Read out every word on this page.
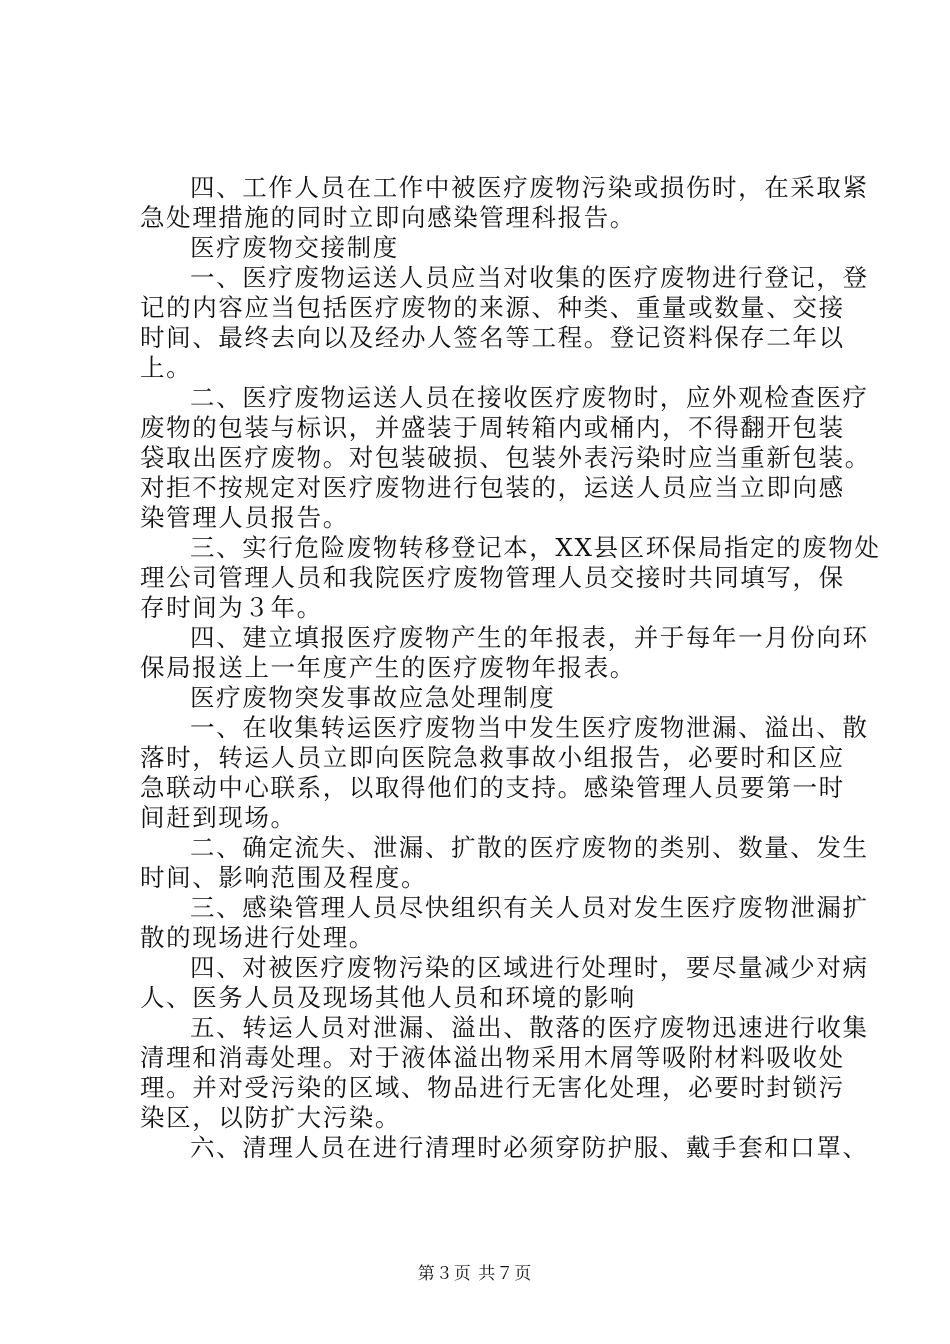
四、工作人员在工作中被医疗废物污染或损伤时，在采取紧
急处理措施的同时立即向感染管理科报告。
医疗废物交接制度
一、医疗废物运送人员应当对收集的医疗废物进行登记，登
记的内容应当包括医疗废物的来源、种类、重量或数量、交接
时间、最终去向以及经办人签名等工程。登记资料保存二年以
上。
二、医疗废物运送人员在接收医疗废物时，应外观检查医疗
废物的包装与标识，并盛装于周转箱内或桶内，不得翻开包装
袋取出医疗废物。对包装破损、包装外表污染时应当重新包装。
对拒不按规定对医疗废物进行包装的，运送人员应当立即向感
染管理人员报告。
三、实行危险废物转移登记本，XX县区环保局指定的废物处
理公司管理人员和我院医疗废物管理人员交接时共同填写，保
存时间为３年。
四、建立填报医疗废物产生的年报表，并于每年一月份向环
保局报送上一年度产生的医疗废物年报表。
医疗废物突发事故应急处理制度
一、在收集转运医疗废物当中发生医疗废物泄漏、溢出、散
落时，转运人员立即向医院急救事故小组报告，必要时和区应
急联动中心联系，以取得他们的支持。感染管理人员要第一时
间赶到现场。
二、确定流失、泄漏、扩散的医疗废物的类别、数量、发生
时间、影响范围及程度。
三、感染管理人员尽快组织有关人员对发生医疗废物泄漏扩
散的现场进行处理。
四、对被医疗废物污染的区域进行处理时，要尽量减少对病
人、医务人员及现场其他人员和环境的影响
五、转运人员对泄漏、溢出、散落的医疗废物迅速进行收集
清理和消毒处理。对于液体溢出物采用木屑等吸附材料吸收处
理。并对受污染的区域、物品进行无害化处理，必要时封锁污
染区，以防扩大污染。
六、清理人员在进行清理时必须穿防护服、戴手套和口罩、
第３页 共７页
